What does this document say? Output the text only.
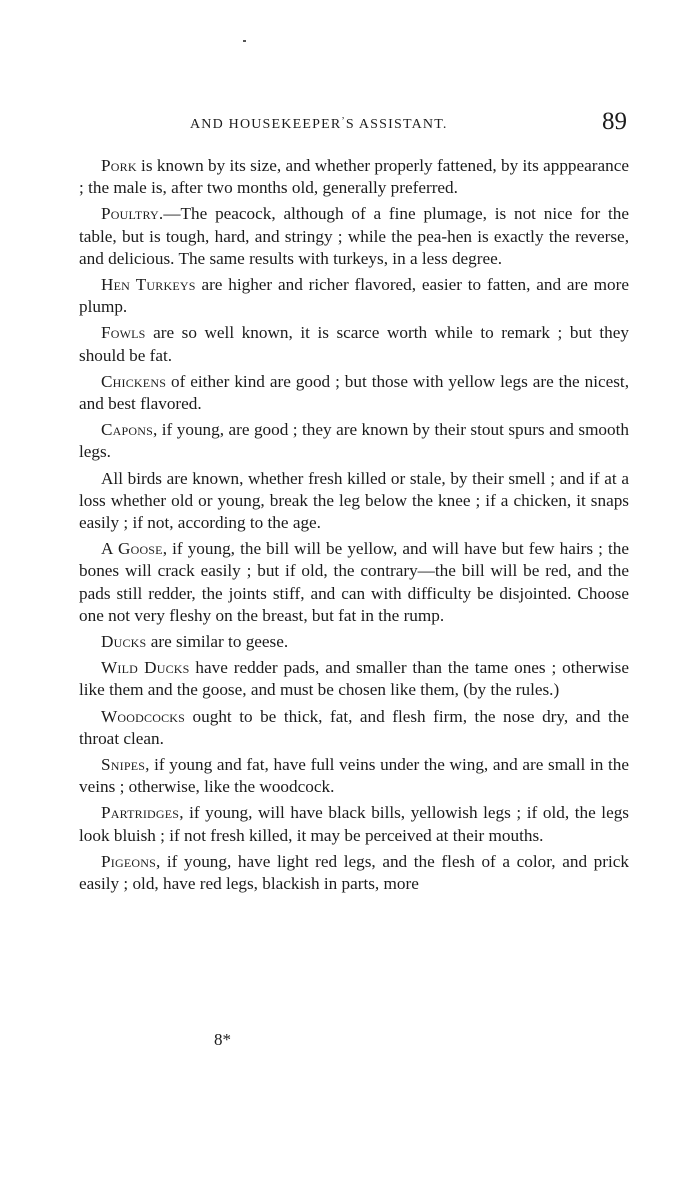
AND HOUSEKEEPER’S ASSISTANT.	89

Pork is known by its size, and whether properly fattened, by its apppearance ; the male is, after two months old, generally preferred.

Poultry.—The peacock, although of a fine plumage, is not nice for the table, but is tough, hard, and stringy ; while the pea-hen is exactly the reverse, and delicious. The same results with turkeys, in a less degree.

Hen Turkeys are higher and richer flavored, easier to fatten, and are more plump.

Fowls are so well known, it is scarce worth while to remark ; but they should be fat.

Chickens of either kind are good ; but those with yellow legs are the nicest, and best flavored.

Capons, if young, are good ; they are known by their stout spurs and smooth legs.

All birds are known, whether fresh killed or stale, by their smell ; and if at a loss whether old or young, break the leg below the knee ; if a chicken, it snaps easily ; if not, according to the age.

A Goose, if young, the bill will be yellow, and will have but few hairs ; the bones will crack easily ; but if old, the contrary—the bill will be red, and the pads still redder, the joints stiff, and can with difficulty be disjointed. Choose one not very fleshy on the breast, but fat in the rump.

Ducks are similar to geese.

Wild Ducks have redder pads, and smaller than the tame ones ; otherwise like them and the goose, and must be chosen like them, (by the rules.)

Woodcocks ought to be thick, fat, and flesh firm, the nose dry, and the throat clean.

Snipes, if young and fat, have full veins under the wing, and are small in the veins ; otherwise, like the woodcock.

Partridges, if young, will have black bills, yellowish legs ; if old, the legs look bluish ; if not fresh killed, it may be perceived at their mouths.

Pigeons, if young, have light red legs, and the flesh of a color, and prick easily ; old, have red legs, blackish in parts, more

8*
